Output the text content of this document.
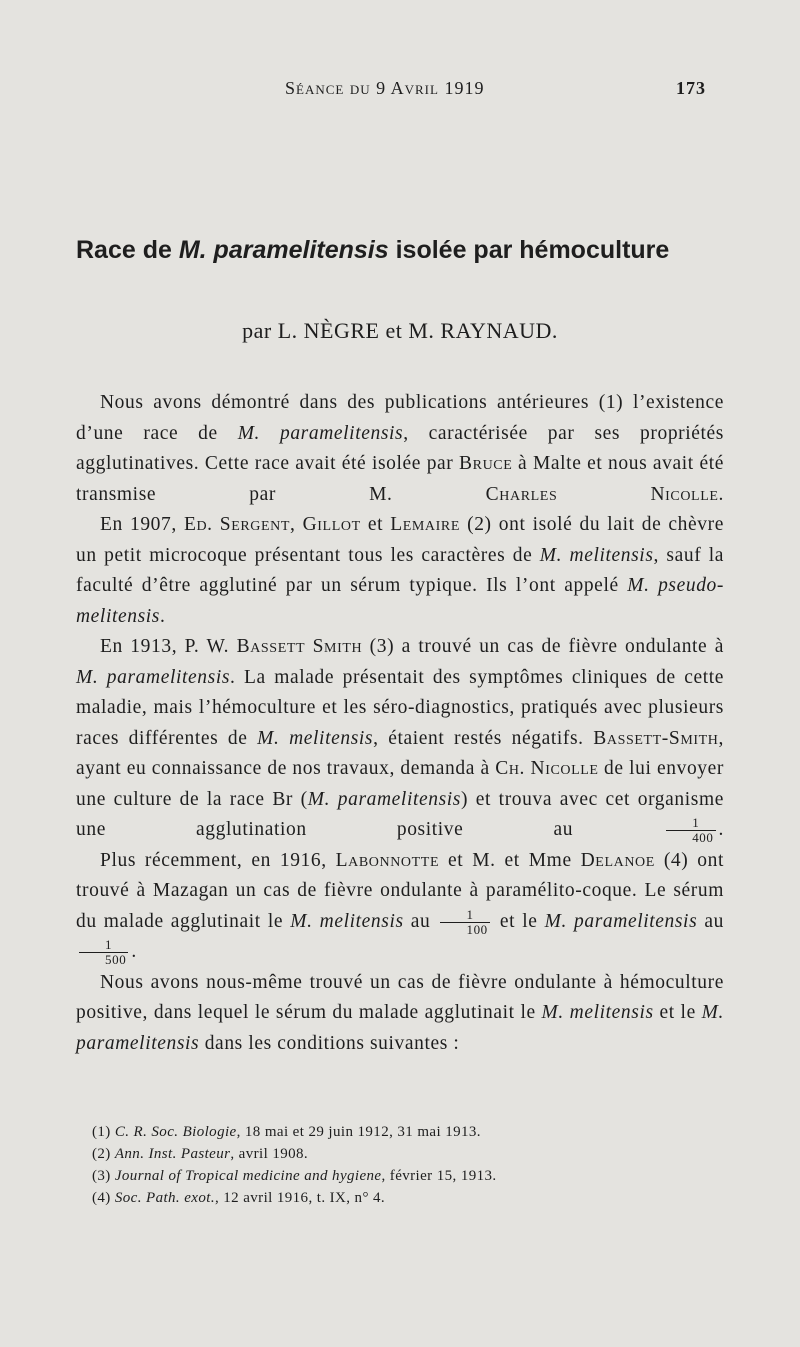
Séance du 9 Avril 1919	173
Race de M. paramelitensis isolée par hémoculture
par L. NÈGRE et M. RAYNAUD.

Nous avons démontré dans des publications antérieures (1) l’existence d’une race de M. paramelitensis, caractérisée par ses propriétés agglutinatives. Cette race avait été isolée par Bruce à Malte et nous avait été transmise par M. Charles Nicolle.

En 1907, Ed. Sergent, Gillot et Lemaire (2) ont isolé du lait de chèvre un petit microcoque présentant tous les caractères de M. melitensis, sauf la faculté d’être agglutiné par un sérum typique. Ils l’ont appelé M. pseudo-melitensis.

En 1913, P. W. Bassett Smith (3) a trouvé un cas de fièvre ondulante à M. paramelitensis. La malade présentait des symptômes cliniques de cette maladie, mais l’hémoculture et les séro-diagnostics, pratiqués avec plusieurs races différentes de M. melitensis, étaient restés négatifs. Bassett-Smith, ayant eu connaissance de nos travaux, demanda à Ch. Nicolle de lui envoyer une culture de la race Br (M. paramelitensis) et trouva avec cet organisme une agglutination positive au $\frac{1}{400}$ .

Plus récemment, en 1916, Labonnotte et M. et Mme Delanoe (4) ont trouvé à Mazagan un cas de fièvre ondulante à paramélito-coque. Le sérum du malade agglutinait le M. melitensis au $\frac{1}{100}$ et le M. paramelitensis au
$\frac{1}{500}$ .

Nous avons nous-même trouvé un cas de fièvre ondulante à hémoculture positive, dans lequel le sérum du malade agglutinait le M. melitensis et le M. paramelitensis dans les conditions suivantes :

(1) C. R. Soc. Biologie, 18 mai et 29 juin 1912, 31 mai 1913.
(2) Ann. Inst. Pasteur, avril 1908.
(3) Journal of Tropical medicine and hygiene, février 15, 1913.
(4) Soc. Path. exot., 12 avril 1916, t. IX, n° 4.
